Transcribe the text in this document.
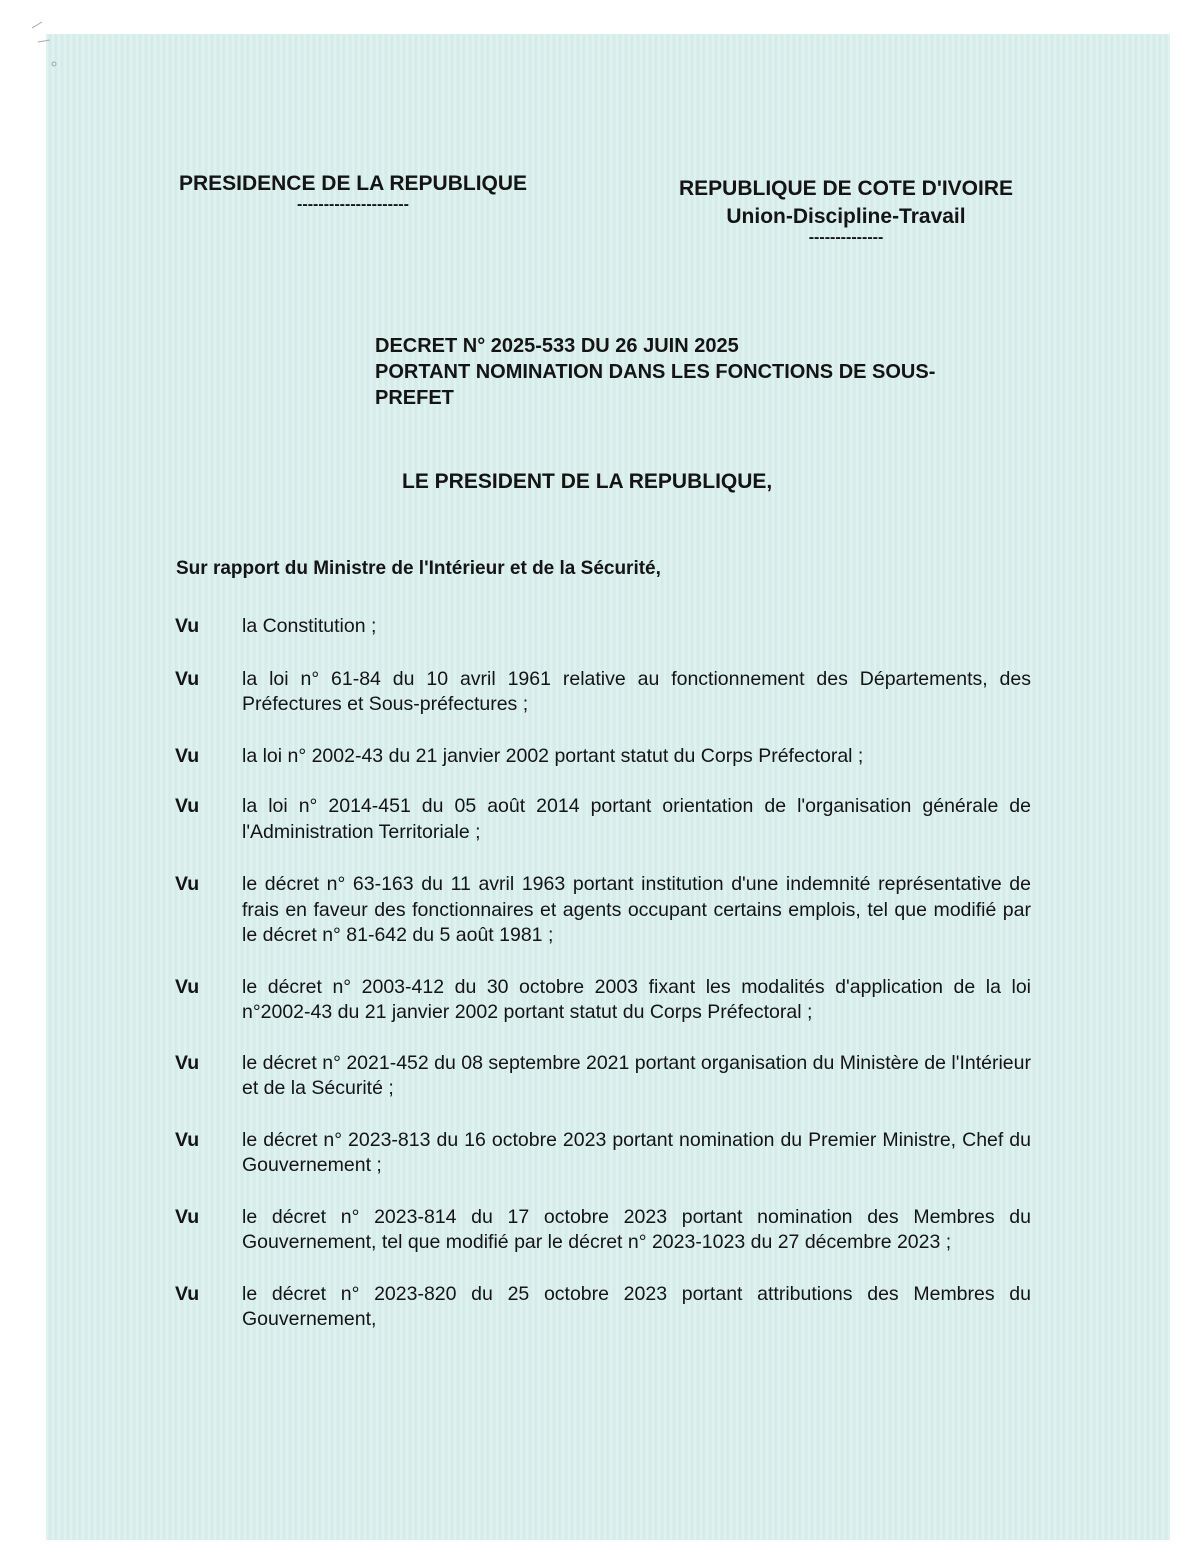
PRESIDENCE DE LA REPUBLIQUE
---------------------
REPUBLIQUE DE COTE D'IVOIRE
Union-Discipline-Travail
--------------
DECRET N° 2025-533 DU 26 JUIN 2025
PORTANT NOMINATION DANS LES FONCTIONS DE SOUS-
PREFET
LE PRESIDENT DE LA REPUBLIQUE,
Sur rapport du Ministre de l'Intérieur et de la Sécurité,
Vu la Constitution ;
Vu la loi n° 61-84 du 10 avril 1961 relative au fonctionnement des Départements, des Préfectures et Sous-préfectures ;
Vu la loi n° 2002-43 du 21 janvier 2002 portant statut du Corps Préfectoral ;
Vu la loi n° 2014-451 du 05 août 2014 portant orientation de l'organisation générale de l'Administration Territoriale ;
Vu le décret n° 63-163 du 11 avril 1963 portant institution d'une indemnité représentative de frais en faveur des fonctionnaires et agents occupant certains emplois, tel que modifié par le décret n° 81-642 du 5 août 1981 ;
Vu le décret n° 2003-412 du 30 octobre 2003 fixant les modalités d'application de la loi n°2002-43 du 21 janvier 2002 portant statut du Corps Préfectoral ;
Vu le décret n° 2021-452 du 08 septembre 2021 portant organisation du Ministère de l'Intérieur et de la Sécurité ;
Vu le décret n° 2023-813 du 16 octobre 2023 portant nomination du Premier Ministre, Chef du Gouvernement ;
Vu le décret n° 2023-814 du 17 octobre 2023 portant nomination des Membres du Gouvernement, tel que modifié par le décret n° 2023-1023 du 27 décembre 2023 ;
Vu le décret n° 2023-820 du 25 octobre 2023 portant attributions des Membres du Gouvernement,
